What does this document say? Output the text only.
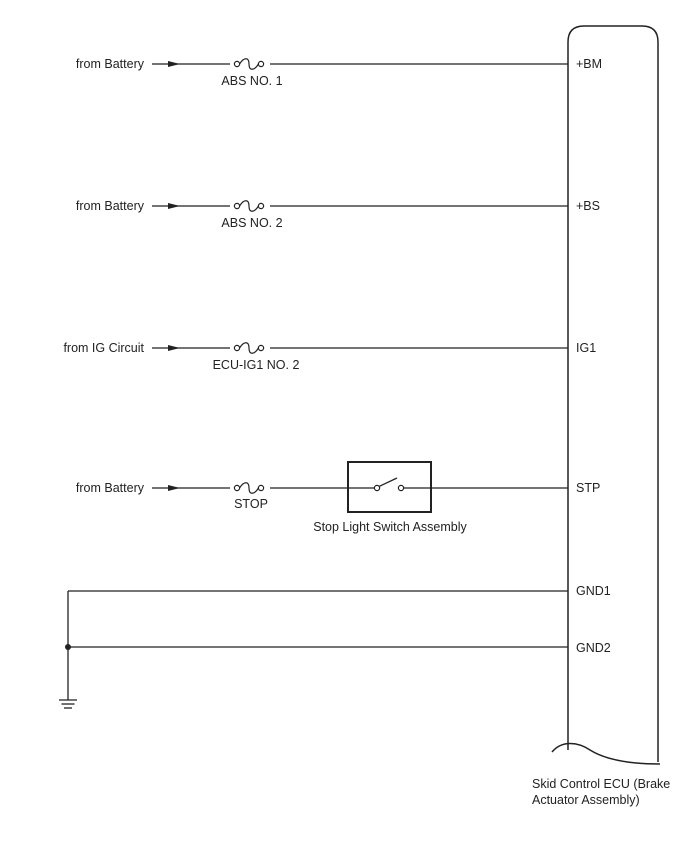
from Battery
from Battery
from IG Circuit
from Battery
ABS NO. 1
ABS NO. 2
ECU-IG1 NO. 2
STOP
Stop Light Switch Assembly
+BM
+BS
IG1
STP
GND1
GND2
Skid Control ECU (Brake Actuator Assembly)
